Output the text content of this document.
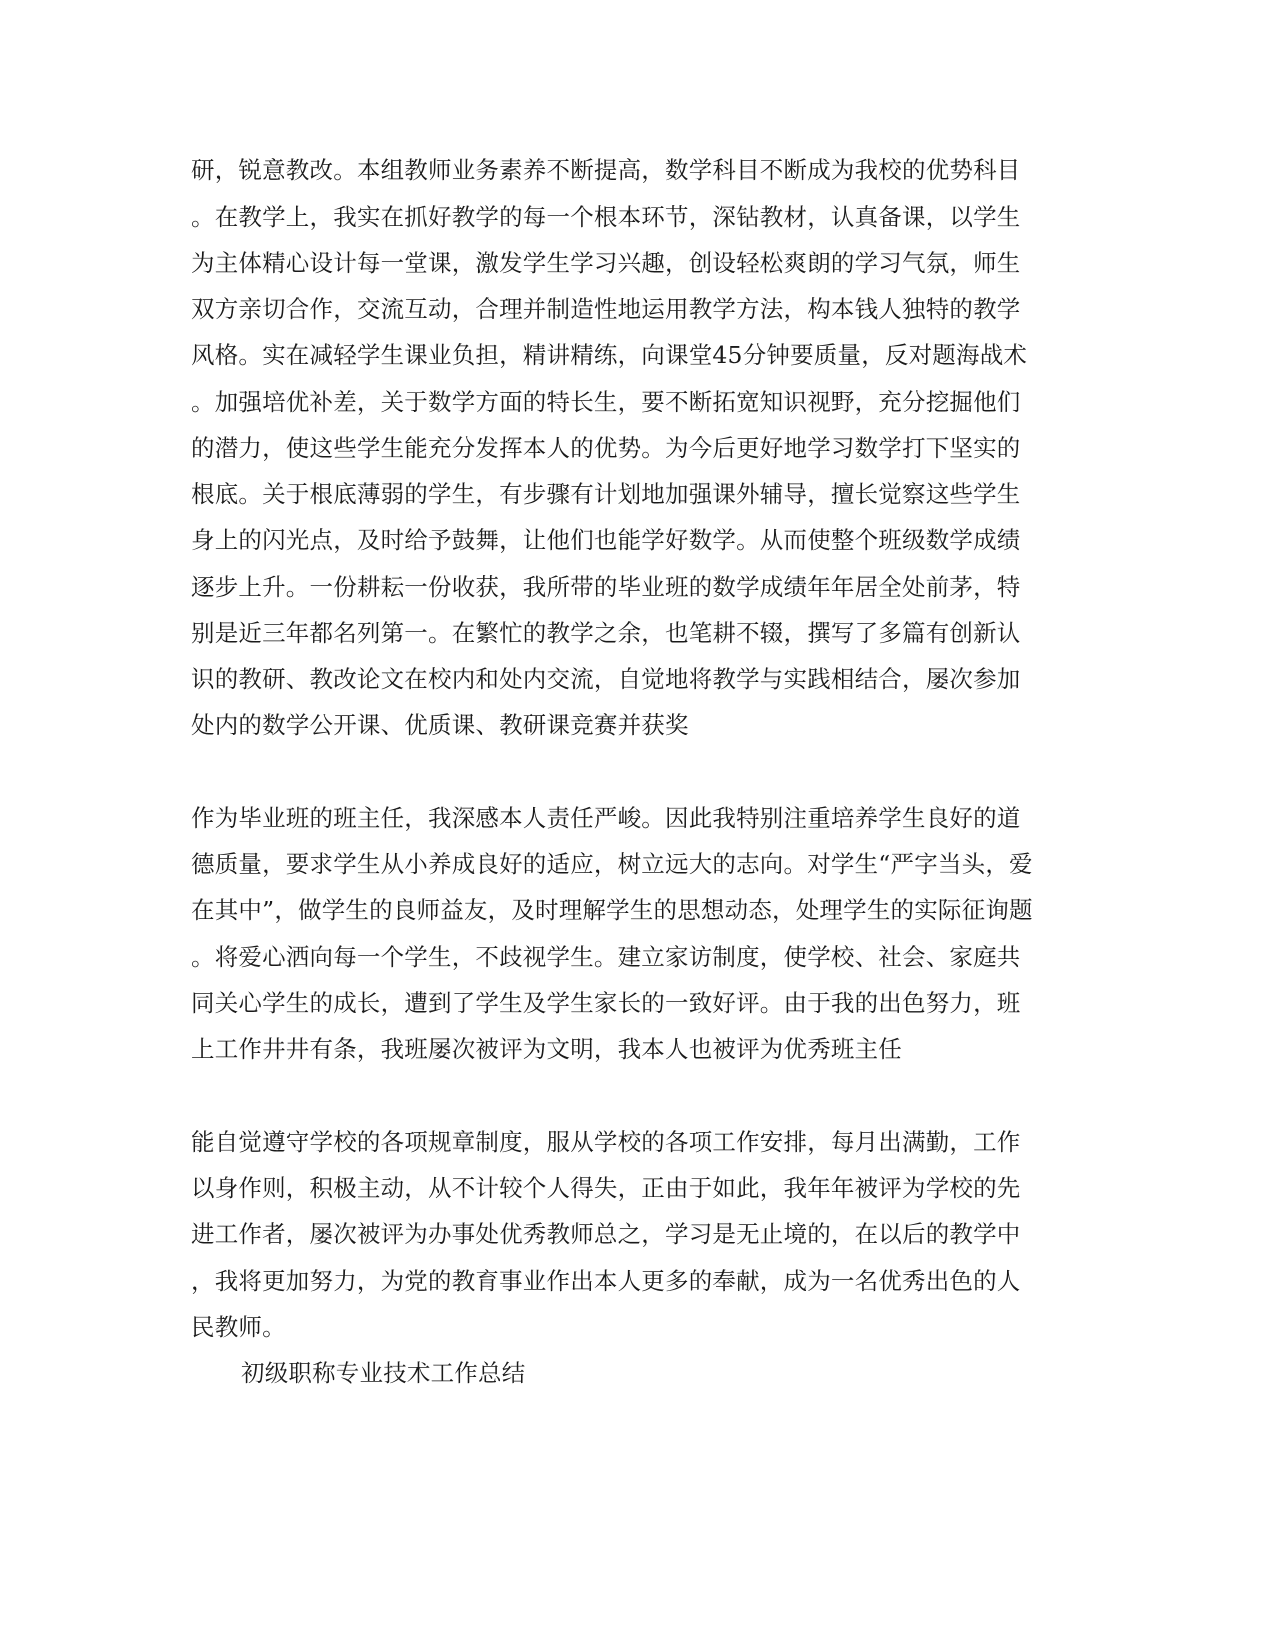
研，锐意教改。本组教师业务素养不断提高，数学科目不断成为我校的优势科目
。在教学上，我实在抓好教学的每一个根本环节，深钻教材，认真备课，以学生
为主体精心设计每一堂课，激发学生学习兴趣，创设轻松爽朗的学习气氛，师生
双方亲切合作，交流互动，合理并制造性地运用教学方法，构本钱人独特的教学
风格。实在减轻学生课业负担，精讲精练，向课堂45分钟要质量，反对题海战术
。加强培优补差，关于数学方面的特长生，要不断拓宽知识视野，充分挖掘他们
的潜力，使这些学生能充分发挥本人的优势。为今后更好地学习数学打下坚实的
根底。关于根底薄弱的学生，有步骤有计划地加强课外辅导，擅长觉察这些学生
身上的闪光点，及时给予鼓舞，让他们也能学好数学。从而使整个班级数学成绩
逐步上升。一份耕耘一份收获，我所带的毕业班的数学成绩年年居全处前茅，特
别是近三年都名列第一。在繁忙的教学之余，也笔耕不辍，撰写了多篇有创新认
识的教研、教改论文在校内和处内交流，自觉地将教学与实践相结合，屡次参加
处内的数学公开课、优质课、教研课竞赛并获奖
作为毕业班的班主任，我深感本人责任严峻。因此我特别注重培养学生良好的道
德质量，要求学生从小养成良好的适应，树立远大的志向。对学生“严字当头，爱
在其中”，做学生的良师益友，及时理解学生的思想动态，处理学生的实际征询题
。将爱心洒向每一个学生，不歧视学生。建立家访制度，使学校、社会、家庭共
同关心学生的成长，遭到了学生及学生家长的一致好评。由于我的出色努力，班
上工作井井有条，我班屡次被评为文明，我本人也被评为优秀班主任
能自觉遵守学校的各项规章制度，服从学校的各项工作安排，每月出满勤，工作
以身作则，积极主动，从不计较个人得失，正由于如此，我年年被评为学校的先
进工作者，屡次被评为办事处优秀教师总之，学习是无止境的，在以后的教学中
，我将更加努力，为党的教育事业作出本人更多的奉献，成为一名优秀出色的人
民教师。
初级职称专业技术工作总结
